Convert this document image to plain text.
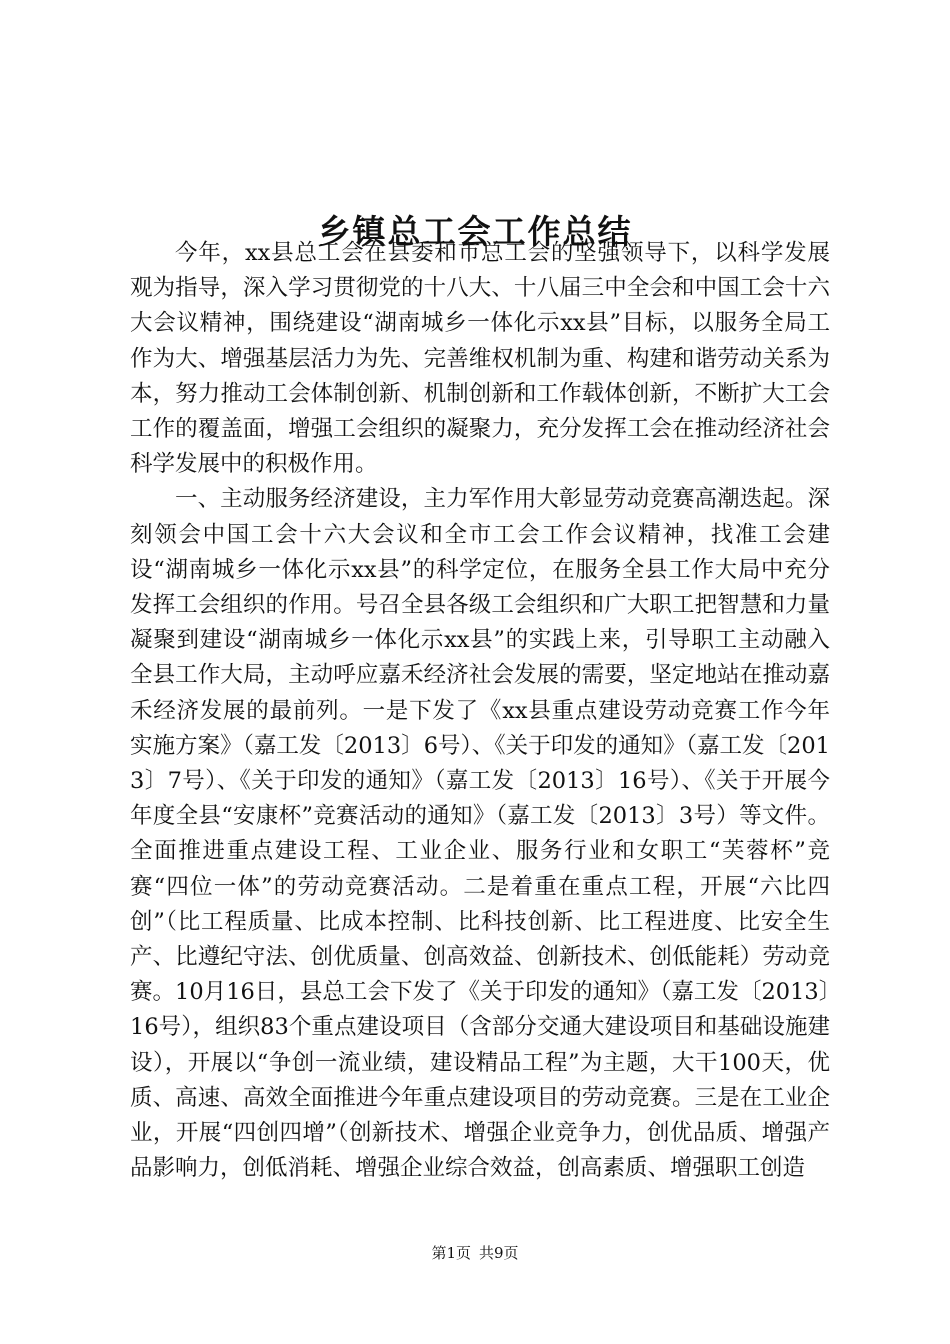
乡镇总工会工作总结

今年，xx县总工会在县委和市总工会的坚强领导下，以科学发展观为指导，深入学习贯彻党的十八大、十八届三中全会和中国工会十六大会议精神，围绕建设“湖南城乡一体化示xx县”目标，以服务全局工作为大、增强基层活力为先、完善维权机制为重、构建和谐劳动关系为本，努力推动工会体制创新、机制创新和工作载体创新，不断扩大工会工作的覆盖面，增强工会组织的凝聚力，充分发挥工会在推动经济社会科学发展中的积极作用。

一、主动服务经济建设，主力军作用大彰显劳动竞赛高潮迭起。深刻领会中国工会十六大会议和全市工会工作会议精神，找准工会建设“湖南城乡一体化示xx县”的科学定位，在服务全县工作大局中充分发挥工会组织的作用。号召全县各级工会组织和广大职工把智慧和力量凝聚到建设“湖南城乡一体化示xx县”的实践上来，引导职工主动融入全县工作大局，主动呼应嘉禾经济社会发展的需要，坚定地站在推动嘉禾经济发展的最前列。一是下发了《xx县重点建设劳动竞赛工作今年实施方案》（嘉工发〔2013〕6号）、《关于印发的通知》（嘉工发〔2013〕7号）、《关于印发的通知》（嘉工发〔2013〕16号）、《关于开展今年度全县“安康杯”竞赛活动的通知》（嘉工发〔2013〕3号）等文件。全面推进重点建设工程、工业企业、服务行业和女职工“芙蓉杯”竞赛“四位一体”的劳动竞赛活动。二是着重在重点工程，开展“六比四创”（比工程质量、比成本控制、比科技创新、比工程进度、比安全生产、比遵纪守法、创优质量、创高效益、创新技术、创低能耗）劳动竞赛。10月16日，县总工会下发了《关于印发的通知》（嘉工发〔2013〕16号），组织83个重点建设项目（含部分交通大建设项目和基础设施建设），开展以“争创一流业绩，建设精品工程”为主题，大干100天，优质、高速、高效全面推进今年重点建设项目的劳动竞赛。三是在工业企业，开展“四创四增”（创新技术、增强企业竞争力，创优品质、增强产品影响力，创低消耗、增强企业综合效益，创高素质、增强职工创造

第1页 共9页
